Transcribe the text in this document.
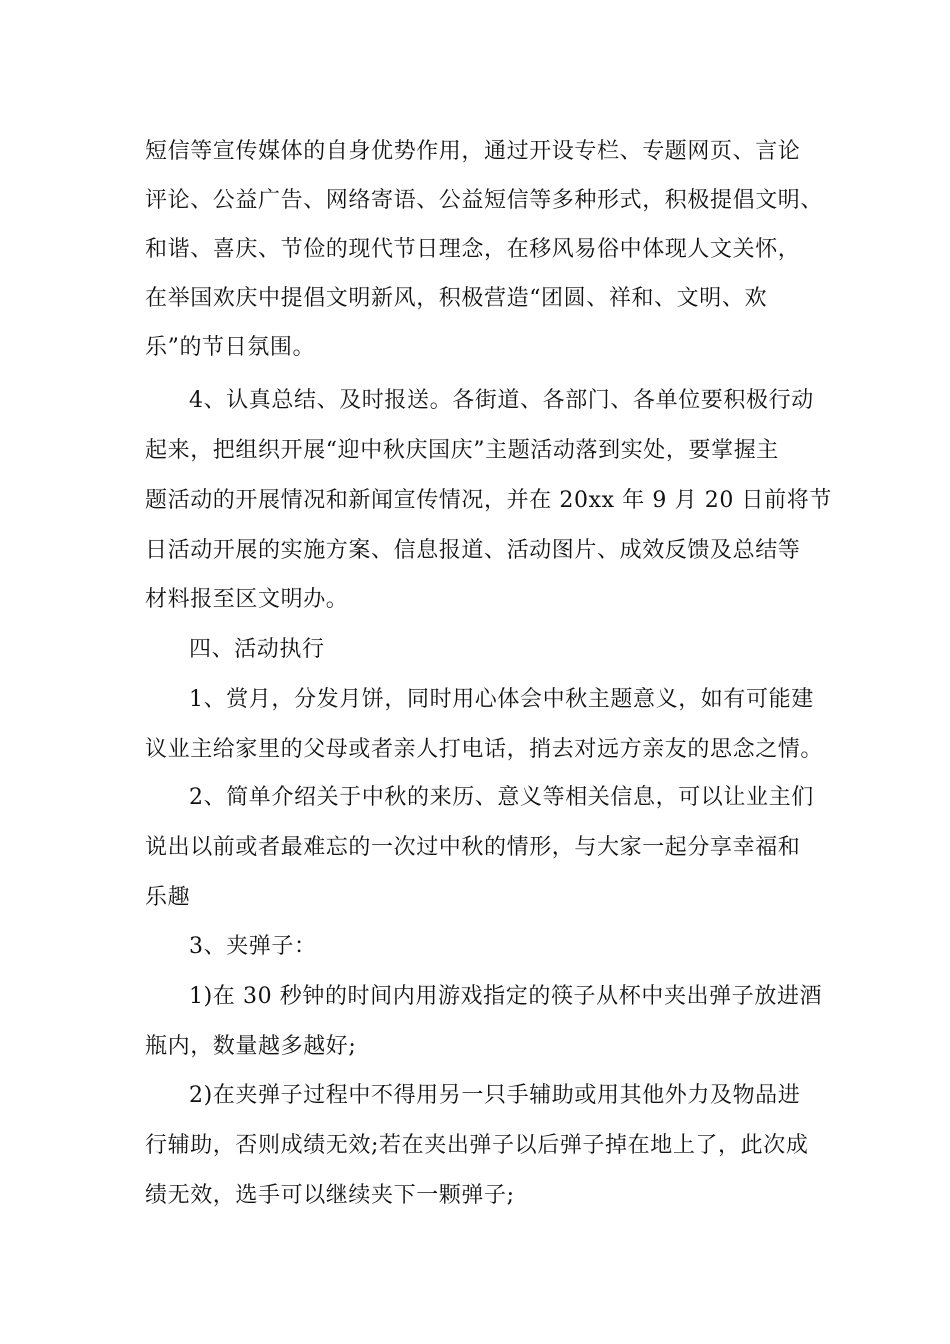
短信等宣传媒体的自身优势作用，通过开设专栏、专题网页、言论
评论、公益广告、网络寄语、公益短信等多种形式，积极提倡文明、
和谐、喜庆、节俭的现代节日理念，在移风易俗中体现人文关怀，
在举国欢庆中提倡文明新风，积极营造“团圆、祥和、文明、欢
乐”的节日氛围。
4、认真总结、及时报送。各街道、各部门、各单位要积极行动
起来，把组织开展“迎中秋庆国庆”主题活动落到实处，要掌握主
题活动的开展情况和新闻宣传情况，并在 20xx 年 9 月 20 日前将节
日活动开展的实施方案、信息报道、活动图片、成效反馈及总结等
材料报至区文明办。
四、活动执行
1、赏月，分发月饼，同时用心体会中秋主题意义，如有可能建
议业主给家里的父母或者亲人打电话，捎去对远方亲友的思念之情。
2、简单介绍关于中秋的来历、意义等相关信息，可以让业主们
说出以前或者最难忘的一次过中秋的情形，与大家一起分享幸福和
乐趣
3、夹弹子：
1)在 30 秒钟的时间内用游戏指定的筷子从杯中夹出弹子放进酒
瓶内，数量越多越好;
2)在夹弹子过程中不得用另一只手辅助或用其他外力及物品进
行辅助，否则成绩无效;若在夹出弹子以后弹子掉在地上了，此次成
绩无效，选手可以继续夹下一颗弹子;
